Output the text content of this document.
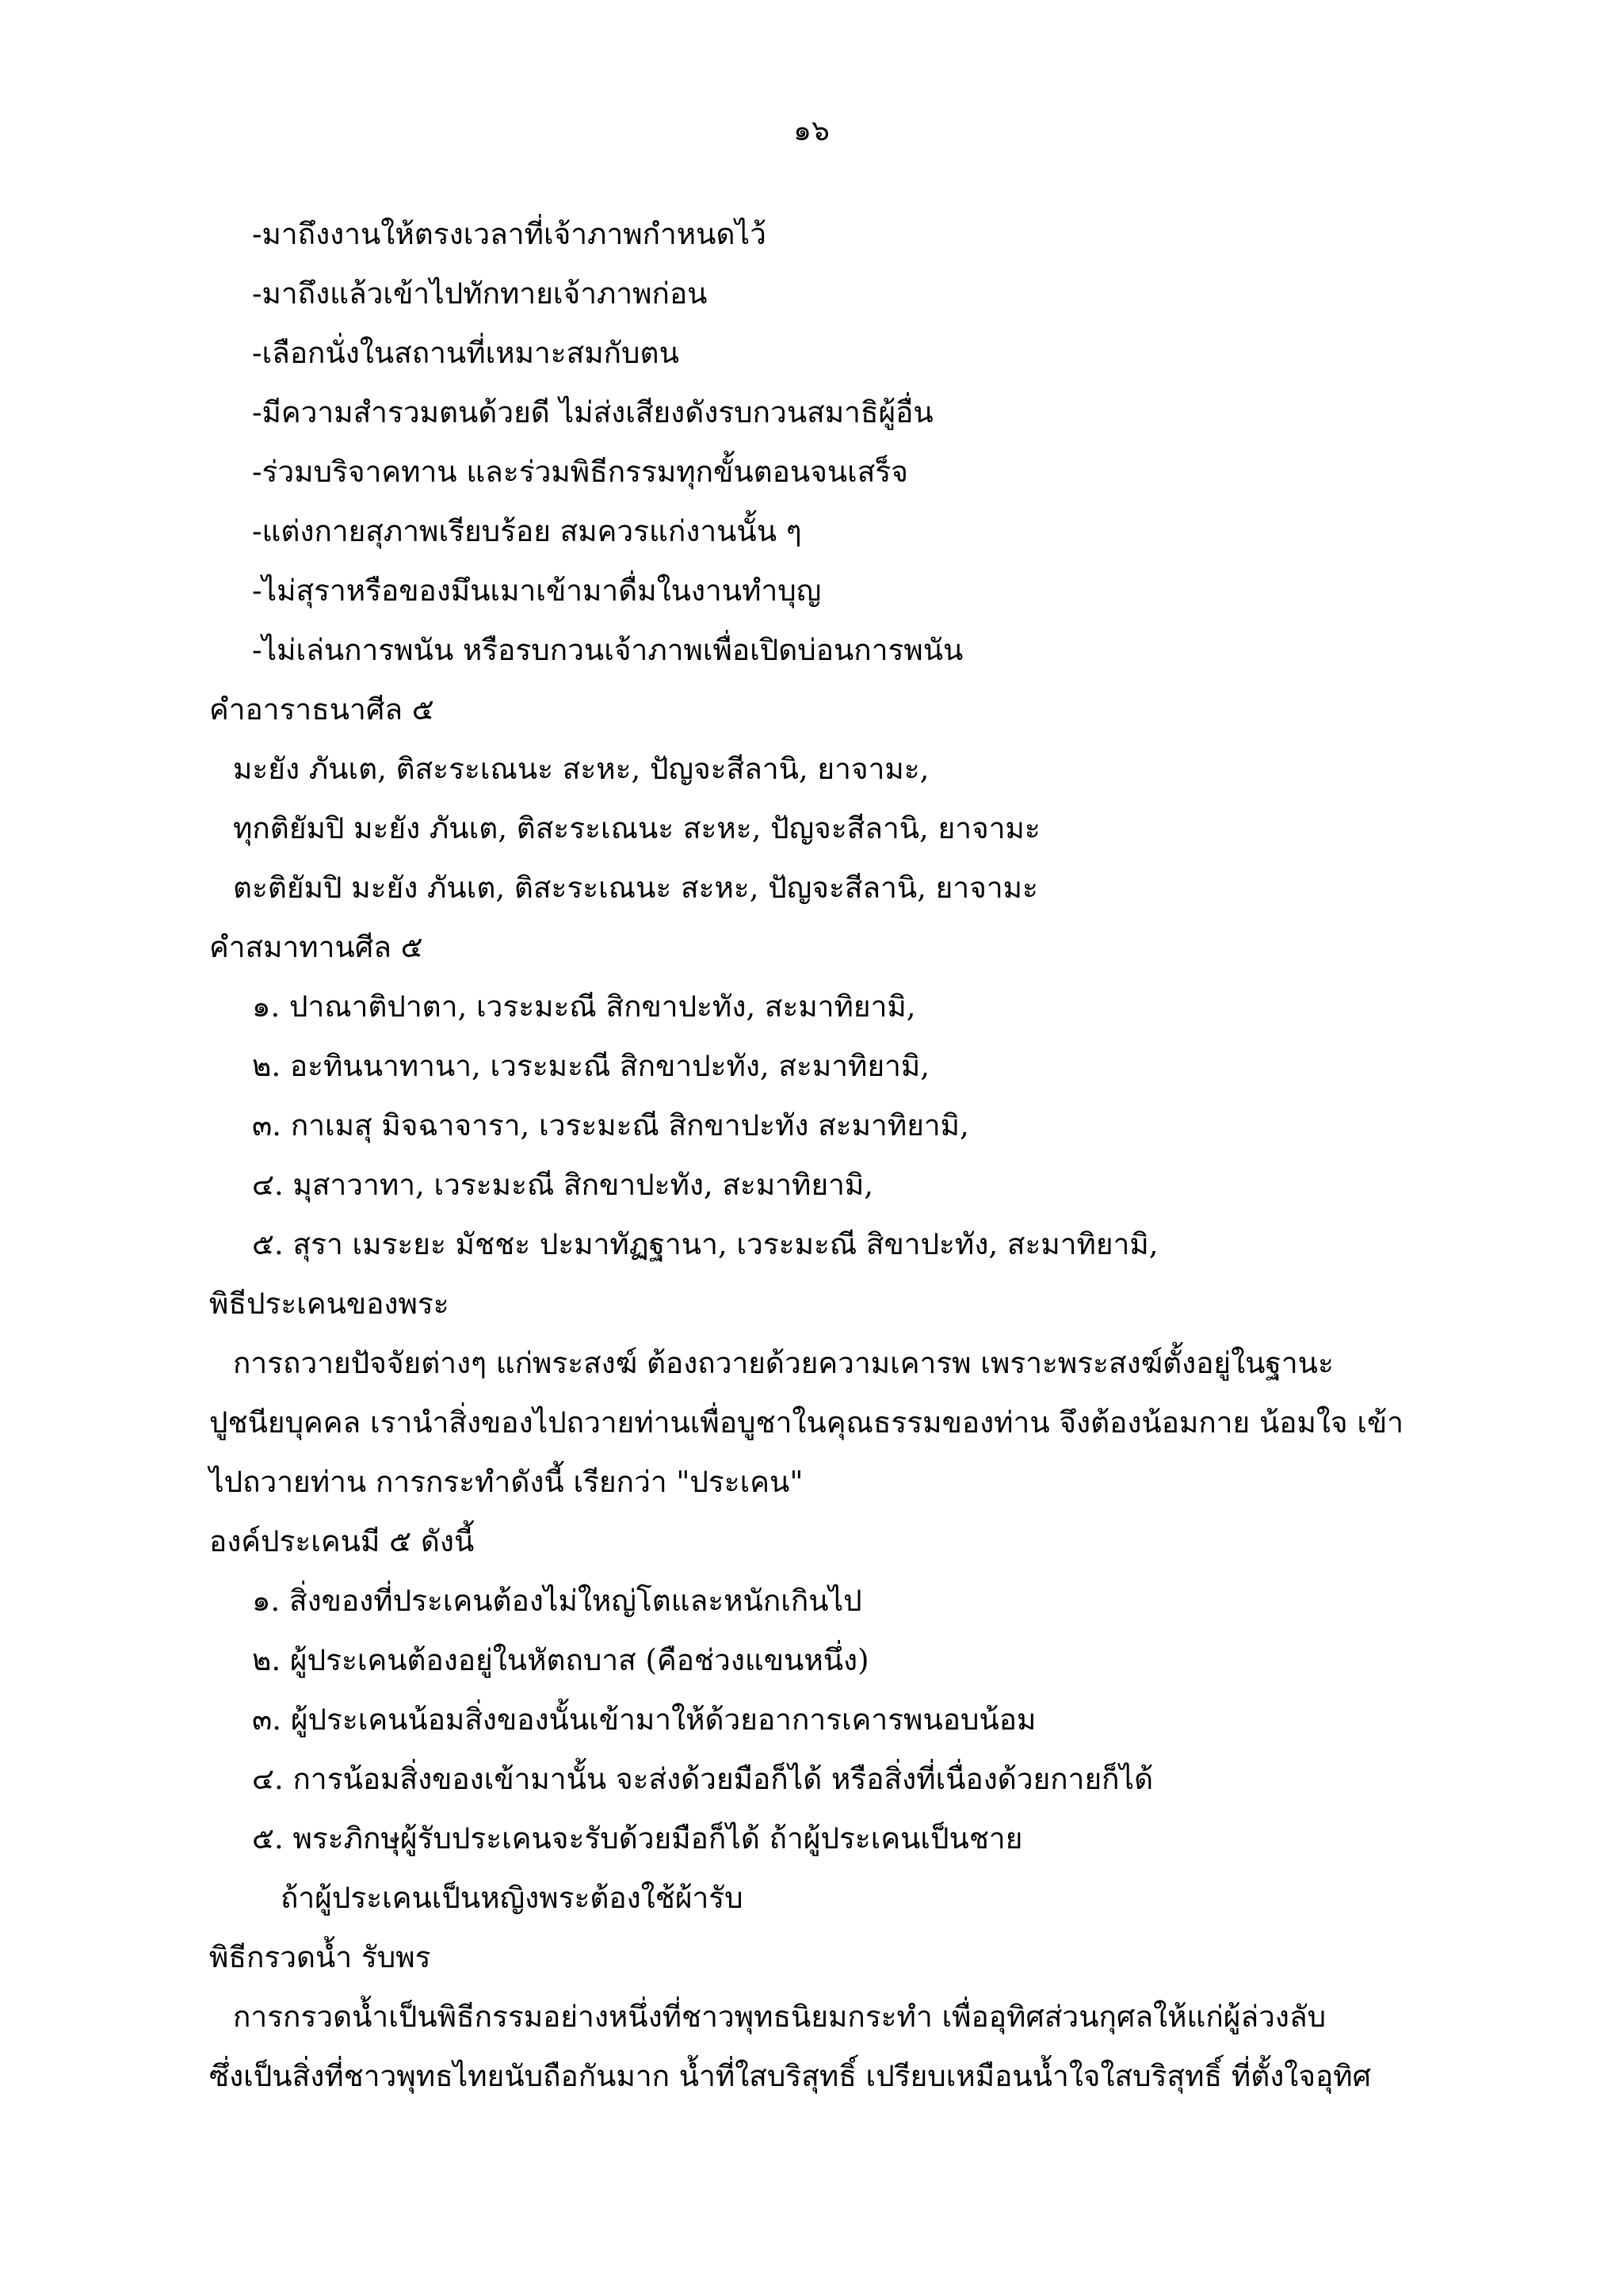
๑๖
-มาถึงงานให้ตรงเวลาที่เจ้าภาพกำหนดไว้
-มาถึงแล้วเข้าไปทักทายเจ้าภาพก่อน
-เลือกนั่งในสถานที่เหมาะสมกับตน
-มีความสำรวมตนด้วยดี ไม่ส่งเสียงดังรบกวนสมาธิผู้อื่น
-ร่วมบริจาคทาน และร่วมพิธีกรรมทุกขั้นตอนจนเสร็จ
-แต่งกายสุภาพเรียบร้อย สมควรแก่งานนั้น ๆ
-ไม่สุราหรือของมึนเมาเข้ามาดื่มในงานทำบุญ
-ไม่เล่นการพนัน หรือรบกวนเจ้าภาพเพื่อเปิดบ่อนการพนัน
คำอาราธนาศีล ๕
มะยัง ภันเต, ติสะระเณนะ สะหะ, ปัญจะสีลานิ, ยาจามะ,
ทุกติยัมปิ มะยัง ภันเต, ติสะระเณนะ สะหะ, ปัญจะสีลานิ, ยาจามะ
ตะติยัมปิ มะยัง ภันเต, ติสะระเณนะ สะหะ, ปัญจะสีลานิ, ยาจามะ
คำสมาทานศีล ๕
๑. ปาณาติปาตา, เวระมะณี สิกขาปะทัง, สะมาทิยามิ,
๒. อะทินนาทานา, เวระมะณี สิกขาปะทัง, สะมาทิยามิ,
๓. กาเมสุ มิจฉาจารา, เวระมะณี สิกขาปะทัง สะมาทิยามิ,
๔. มุสาวาทา, เวระมะณี สิกขาปะทัง, สะมาทิยามิ,
๕. สุรา เมระยะ มัชชะ ปะมาทัฏฐานา, เวระมะณี สิขาปะทัง, สะมาทิยามิ,
พิธีประเคนของพระ
การถวายปัจจัยต่างๆ แก่พระสงฆ์ ต้องถวายด้วยความเคารพ เพราะพระสงฆ์ตั้งอยู่ในฐานะ
ปูชนียบุคคล เรานำสิ่งของไปถวายท่านเพื่อบูชาในคุณธรรมของท่าน จึงต้องน้อมกาย น้อมใจ เข้า
ไปถวายท่าน การกระทำดังนี้ เรียกว่า "ประเคน"
องค์ประเคนมี ๕ ดังนี้
๑. สิ่งของที่ประเคนต้องไม่ใหญ่โตและหนักเกินไป
๒. ผู้ประเคนต้องอยู่ในหัตถบาส (คือช่วงแขนหนึ่ง)
๓. ผู้ประเคนน้อมสิ่งของนั้นเข้ามาให้ด้วยอาการเคารพนอบน้อม
๔. การน้อมสิ่งของเข้ามานั้น จะส่งด้วยมือก็ได้ หรือสิ่งที่เนื่องด้วยกายก็ได้
๕. พระภิกษุผู้รับประเคนจะรับด้วยมือก็ได้ ถ้าผู้ประเคนเป็นชาย
ถ้าผู้ประเคนเป็นหญิงพระต้องใช้ผ้ารับ
พิธีกรวดน้ำ รับพร
การกรวดน้ำเป็นพิธีกรรมอย่างหนึ่งที่ชาวพุทธนิยมกระทำ เพื่ออุทิศส่วนกุศลให้แก่ผู้ล่วงลับ
ซึ่งเป็นสิ่งที่ชาวพุทธไทยนับถือกันมาก น้ำที่ใสบริสุทธิ์ เปรียบเหมือนน้ำใจใสบริสุทธิ์ ที่ตั้งใจอุทิศ
